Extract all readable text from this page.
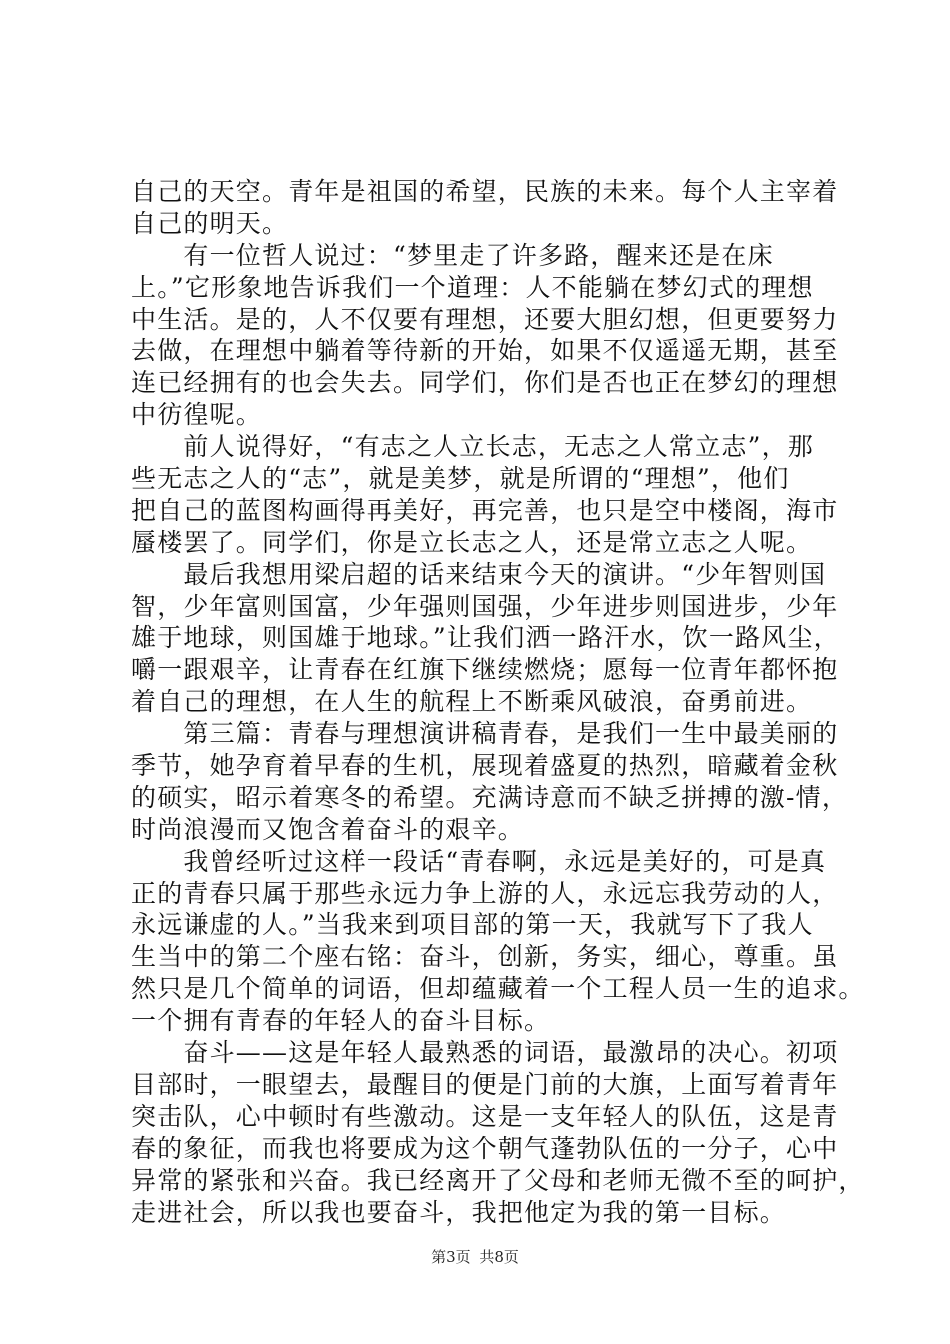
自己的天空。青年是祖国的希望，民族的未来。每个人主宰着
自己的明天。
　　有一位哲人说过：“梦里走了许多路，醒来还是在床
上。”它形象地告诉我们一个道理：人不能躺在梦幻式的理想
中生活。是的，人不仅要有理想，还要大胆幻想，但更要努力
去做，在理想中躺着等待新的开始，如果不仅遥遥无期，甚至
连已经拥有的也会失去。同学们，你们是否也正在梦幻的理想
中彷徨呢。
　　前人说得好，“有志之人立长志，无志之人常立志”，那
些无志之人的“志”，就是美梦，就是所谓的“理想”，他们
把自己的蓝图构画得再美好，再完善，也只是空中楼阁，海市
蜃楼罢了。同学们，你是立长志之人，还是常立志之人呢。
　　最后我想用梁启超的话来结束今天的演讲。“少年智则国
智，少年富则国富，少年强则国强，少年进步则国进步，少年
雄于地球，则国雄于地球。”让我们洒一路汗水，饮一路风尘，
嚼一跟艰辛，让青春在红旗下继续燃烧；愿每一位青年都怀抱
着自己的理想，在人生的航程上不断乘风破浪，奋勇前进。
　　第三篇：青春与理想演讲稿青春，是我们一生中最美丽的
季节，她孕育着早春的生机，展现着盛夏的热烈，暗藏着金秋
的硕实，昭示着寒冬的希望。充满诗意而不缺乏拼搏的激-情，
时尚浪漫而又饱含着奋斗的艰辛。
　　我曾经听过这样一段话“青春啊，永远是美好的，可是真
正的青春只属于那些永远力争上游的人，永远忘我劳动的人，
永远谦虚的人。”当我来到项目部的第一天，我就写下了我人
生当中的第二个座右铭：奋斗，创新，务实，细心，尊重。虽
然只是几个简单的词语，但却蕴藏着一个工程人员一生的追求。
一个拥有青春的年轻人的奋斗目标。
　　奋斗——这是年轻人最熟悉的词语，最激昂的决心。初项
目部时，一眼望去，最醒目的便是门前的大旗，上面写着青年
突击队，心中顿时有些激动。这是一支年轻人的队伍，这是青
春的象征，而我也将要成为这个朝气蓬勃队伍的一分子，心中
异常的紧张和兴奋。我已经离开了父母和老师无微不至的呵护，
走进社会，所以我也要奋斗，我把他定为我的第一目标。
第3页 共8页
